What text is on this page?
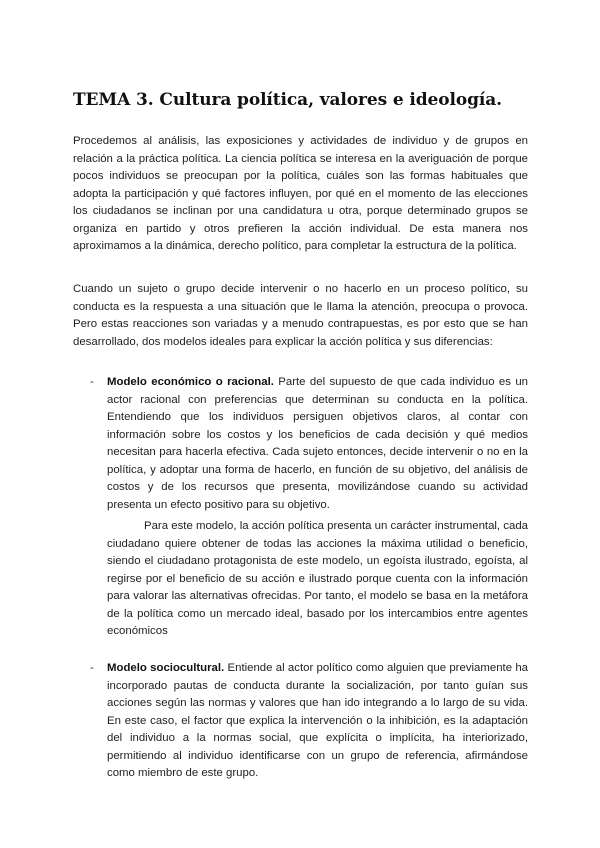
TEMA 3. Cultura política, valores e ideología.

Procedemos al análisis, las exposiciones y actividades de individuo y de grupos en relación a la práctica política. La ciencia política se interesa en la averiguación de porque pocos individuos se preocupan por la política, cuáles son las formas habituales que adopta la participación y qué factores influyen, por qué en el momento de las elecciones los ciudadanos se inclinan por una candidatura u otra, porque determinado grupos se organiza en partido y otros prefieren la acción individual. De esta manera nos aproximamos a la dinámica, derecho político, para completar la estructura de la política.

Cuando un sujeto o grupo decide intervenir o no hacerlo en un proceso político, su conducta es la respuesta a una situación que le llama la atención, preocupa o provoca. Pero estas reacciones son variadas y a menudo contrapuestas, es por esto que se han desarrollado, dos modelos ideales para explicar la acción política y sus diferencias:

- Modelo económico o racional. Parte del supuesto de que cada individuo es un actor racional con preferencias que determinan su conducta en la política. Entendiendo que los individuos persiguen objetivos claros, al contar con información sobre los costos y los beneficios de cada decisión y qué medios necesitan para hacerla efectiva. Cada sujeto entonces, decide intervenir o no en la política, y adoptar una forma de hacerlo, en función de su objetivo, del análisis de costos y de los recursos que presenta, movilizándose cuando su actividad presenta un efecto positivo para su objetivo.

Para este modelo, la acción política presenta un carácter instrumental, cada ciudadano quiere obtener de todas las acciones la máxima utilidad o beneficio, siendo el ciudadano protagonista de este modelo, un egoísta ilustrado, egoísta, al regirse por el beneficio de su acción e ilustrado porque cuenta con la información para valorar las alternativas ofrecidas. Por tanto, el modelo se basa en la metáfora de la política como un mercado ideal, basado por los intercambios entre agentes económicos

- Modelo sociocultural. Entiende al actor político como alguien que previamente ha incorporado pautas de conducta durante la socialización, por tanto guían sus acciones según las normas y valores que han ido integrando a lo largo de su vida. En este caso, el factor que explica la intervención o la inhibición, es la adaptación del individuo a la normas social, que explícita o implícita, ha interiorizado, permitiendo al individuo identificarse con un grupo de referencia, afirmándose como miembro de este grupo.
